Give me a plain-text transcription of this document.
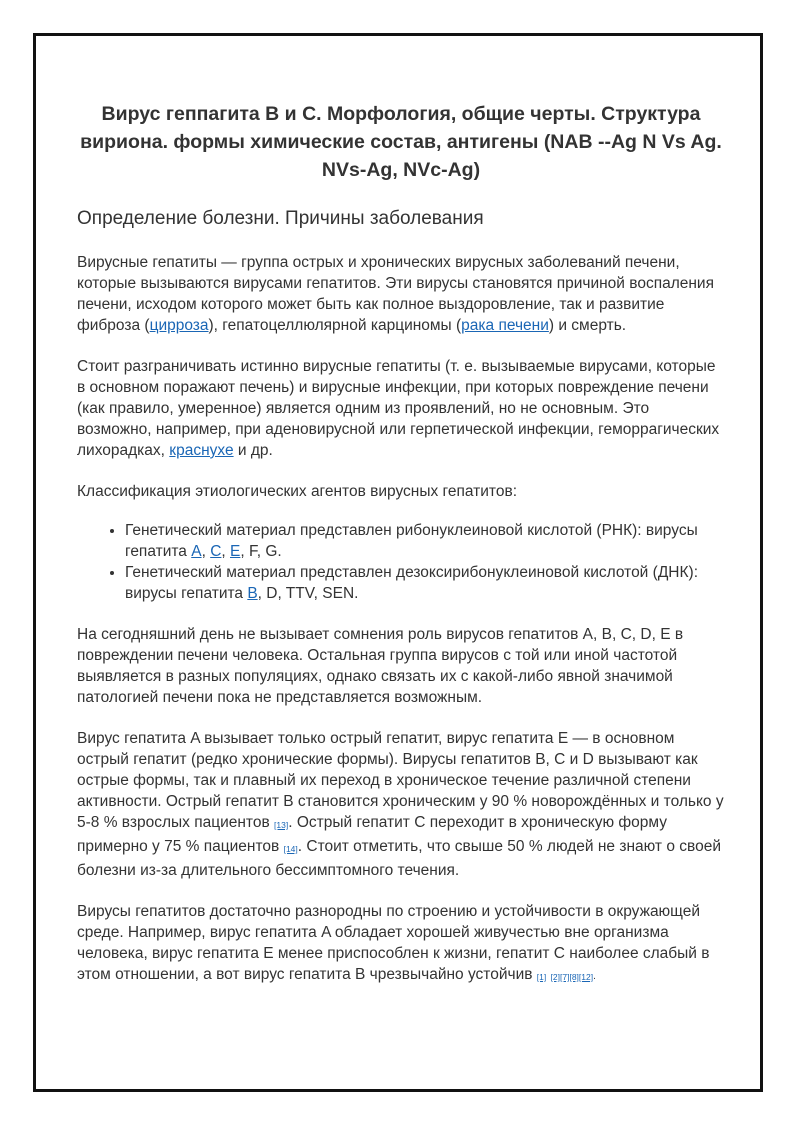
Вирус геппагита В и С. Морфология, общие черты. Структура вириона. формы химические состав, антигены (NAB --Ag N Vs Ag. NVs-Ag, NVc-Ag)
Определение болезни. Причины заболевания

Вирусные гепатиты — группа острых и хронических вирусных заболеваний печени, которые вызываются вирусами гепатитов. Эти вирусы становятся причиной воспаления печени, исходом которого может быть как полное выздоровление, так и развитие фиброза (цирроза), гепатоцеллюлярной карциномы (рака печени) и смерть.

Стоит разграничивать истинно вирусные гепатиты (т. е. вызываемые вирусами, которые в основном поражают печень) и вирусные инфекции, при которых повреждение печени (как правило, умеренное) является одним из проявлений, но не основным. Это возможно, например, при аденовирусной или герпетической инфекции, геморрагических лихорадках, краснухе и др.

Классификация этиологических агентов вирусных гепатитов:

• Генетический материал представлен рибонуклеиновой кислотой (РНК): вирусы гепатита A, C, E, F, G.
• Генетический материал представлен дезоксирибонуклеиновой кислотой (ДНК): вирусы гепатита B, D, TTV, SEN.

На сегодняшний день не вызывает сомнения роль вирусов гепатитов A, B, C, D, E в повреждении печени человека. Остальная группа вирусов с той или иной частотой выявляется в разных популяциях, однако связать их с какой-либо явной значимой патологией печени пока не представляется возможным.

Вирус гепатита A вызывает только острый гепатит, вирус гепатита E — в основном острый гепатит (редко хронические формы). Вирусы гепатитов B, C и D вызывают как острые формы, так и плавный их переход в хроническое течение различной степени активности. Острый гепатит B становится хроническим у 90 % новорождённых и только у 5-8 % взрослых пациентов [13]. Острый гепатит C переходит в хроническую форму примерно у 75 % пациентов [14]. Стоит отметить, что свыше 50 % людей не знают о своей болезни из-за длительного бессимптомного течения.

Вирусы гепатитов достаточно разнородны по строению и устойчивости в окружающей среде. Например, вирус гепатита A обладает хорошей живучестью вне организма человека, вирус гепатита E менее приспособлен к жизни, гепатит C наиболее слабый в этом отношении, а вот вирус гепатита B чрезвычайно устойчив [1] [2][7][8][12].
